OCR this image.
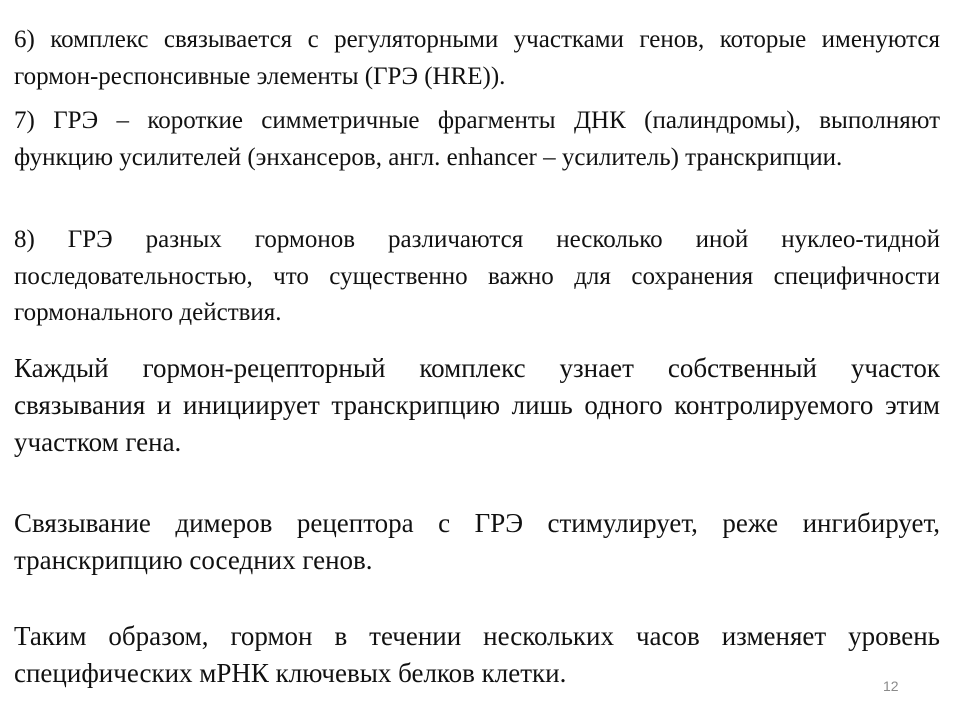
6) комплекс связывается с регуляторными участками генов, которые именуются гормон-респонсивные элементы (ГРЭ (HRE)).

7) ГРЭ – короткие симметричные фрагменты ДНК (палиндромы), выполняют функцию усилителей (энхансеров, англ. enhancer – усилитель) транскрипции.

8) ГРЭ разных гормонов различаются несколько иной нуклео-тидной последовательностью, что существенно важно для сохранения специфичности гормонального действия.

Каждый гормон-рецепторный комплекс узнает собственный участок связывания и инициирует транскрипцию лишь одного контролируемого этим участком гена.

Связывание димеров рецептора с ГРЭ стимулирует, реже ингибирует, транскрипцию соседних генов.

Таким образом, гормон в течении нескольких часов изменяет уровень специфических мРНК ключевых белков клетки.	12
